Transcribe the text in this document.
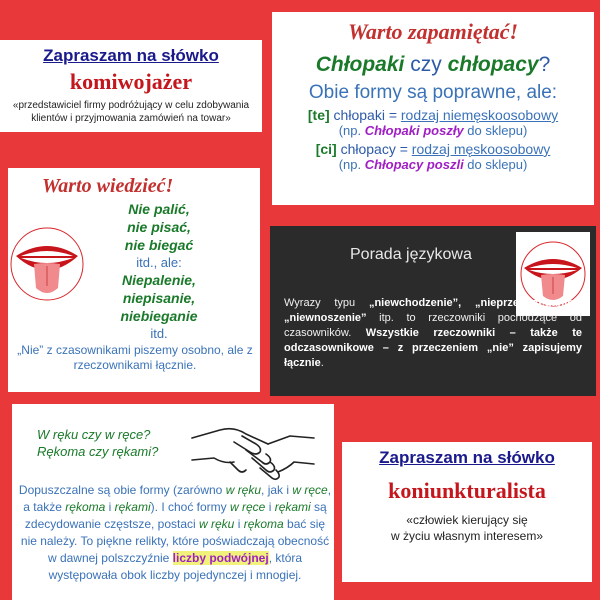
Zapraszam na słówko
komiwojażer
«przedstawiciel firmy podróżujący w celu zdobywania klientów i przyjmowania zamówień na towar»
Warto zapamiętać!
Chłopaki czy chłopacy?
Obie formy są poprawne, ale:
[te] chłopaki = rodzaj niemęskoosobowy
(np. Chłopaki poszły do sklepu)
[ci] chłopacy = rodzaj męskoosobowy
(np. Chłopacy poszli do sklepu)
Warto wiedzieć!
Nie palić,
nie pisać,
nie biegać
itd., ale:
Niepalenie,
niepisanie,
niebieganie
itd.
„Nie” z czasownikami piszemy osobno, ale z rzeczownikami łącznie.
Porada językowa
Wyrazy typu „niewchodzenie”, „nieprzestrzeganie”, „niewnoszenie” itp. to rzeczowniki pochodzące od czasowników. Wszystkie rzeczowniki – także te odczasownikowe – z przeczeniem „nie” zapisujemy łącznie.
W ręku czy w ręce?
Rękoma czy rękami?
Dopuszczalne są obie formy (zarówno w ręku, jak i w ręce, a także rękoma i rękami). I choć formy w ręce i rękami są zdecydowanie częstsze, postaci w ręku i rękoma bać się nie należy. To piękne relikty, które poświadczają obecność w dawnej polszczyźnie liczby podwójnej, która występowała obok liczby pojedynczej i mnogiej.
Zapraszam na słówko
koniunkturalista
«człowiek kierujący się
w życiu własnym interesem»
